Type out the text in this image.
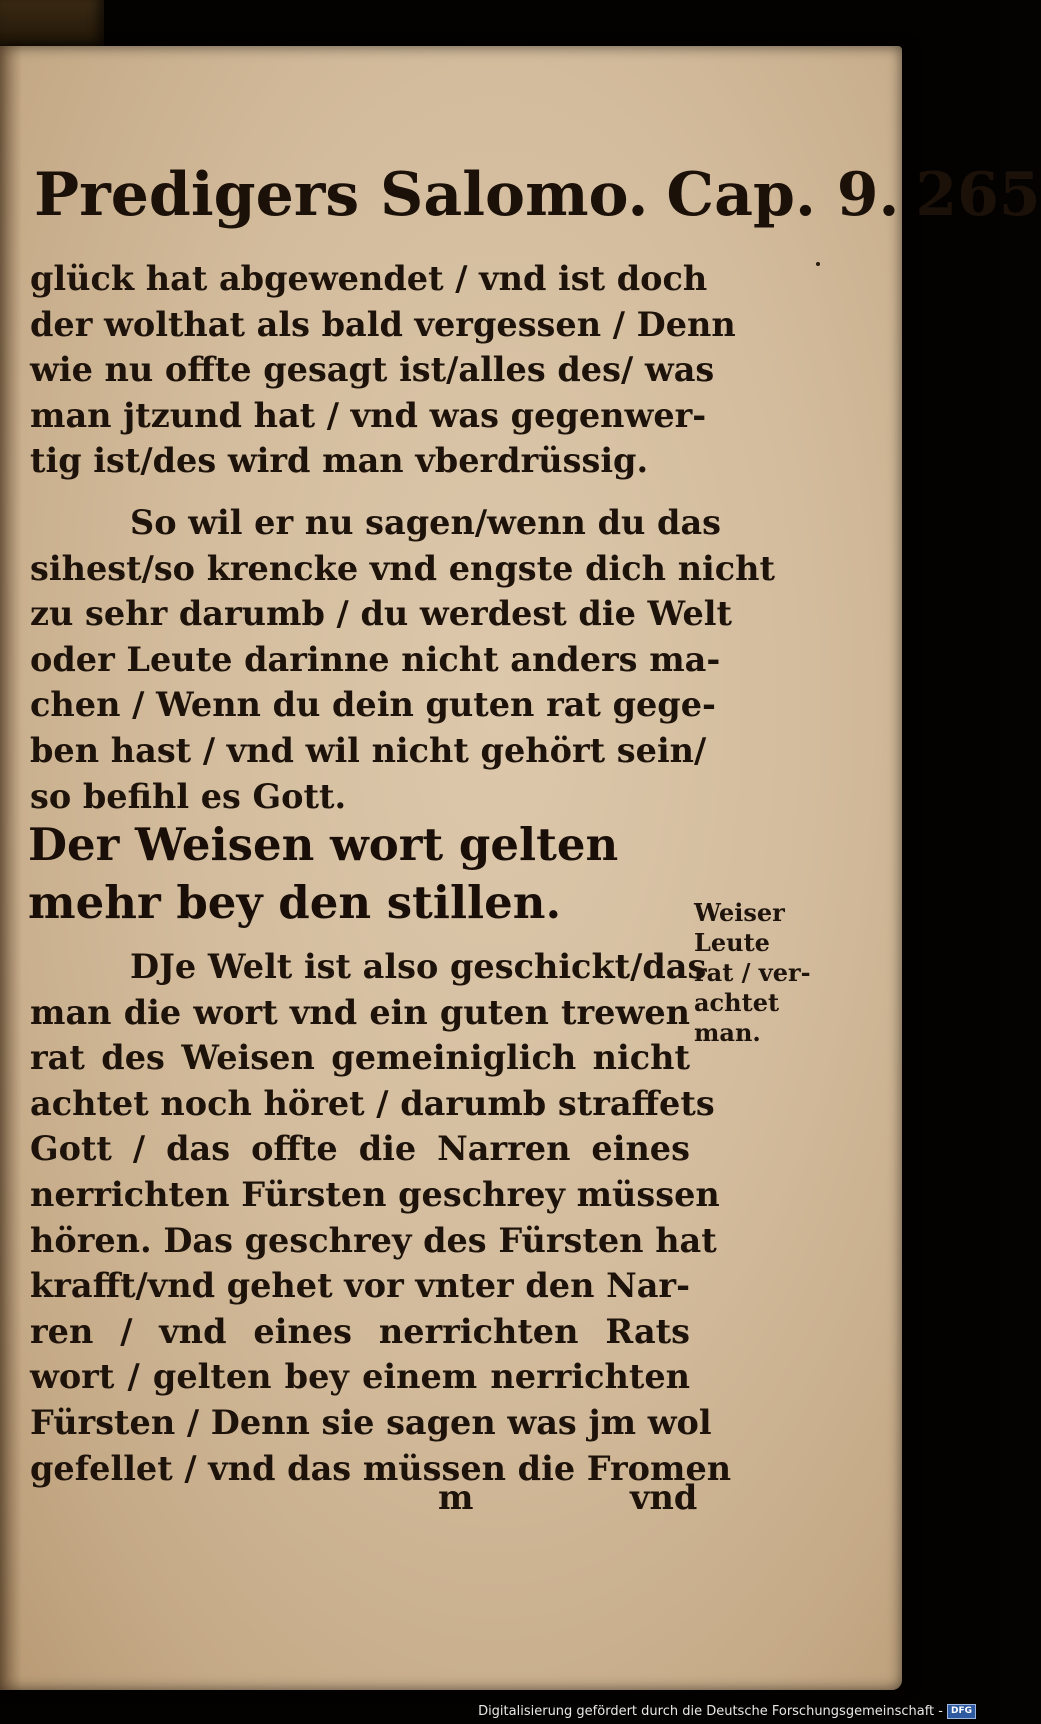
Predigers Salomo. Cap. 9. 265
glück hat abgewendet / vnd ist doch
der wolthat als bald vergessen / Denn
wie nu offte gesagt ist/alles des/ was
man jtzund hat / vnd was gegenwer-
tig ist/des wird man vberdrüssig.
So wil er nu sagen/wenn du das
sihest/so krencke vnd engste dich nicht
zu sehr darumb / du werdest die Welt
oder Leute darinne nicht anders ma-
chen / Wenn du dein guten rat gege-
ben hast / vnd wil nicht gehört sein/
so befihl es Gott.
Der Weisen wort gelten
mehr bey den stillen.	Weiser
Leute
rat / ver-
achtet
man.
DJe Welt ist also geschickt/das
man die wort vnd ein guten trewen
rat des Weisen gemeiniglich nicht
achtet noch höret / darumb straffets
Gott / das offte die Narren eines
nerrichten Fürsten geschrey müssen
hören. Das geschrey des Fürsten hat
krafft/vnd gehet vor vnter den Nar-
ren / vnd eines nerrichten Rats
wort / gelten bey einem nerrichten
Fürsten / Denn sie sagen was jm wol
gefellet / vnd das müssen die Fromen
m	vnd
Digitalisierung gefördert durch die Deutsche Forschungsgemeinschaft - DFG
